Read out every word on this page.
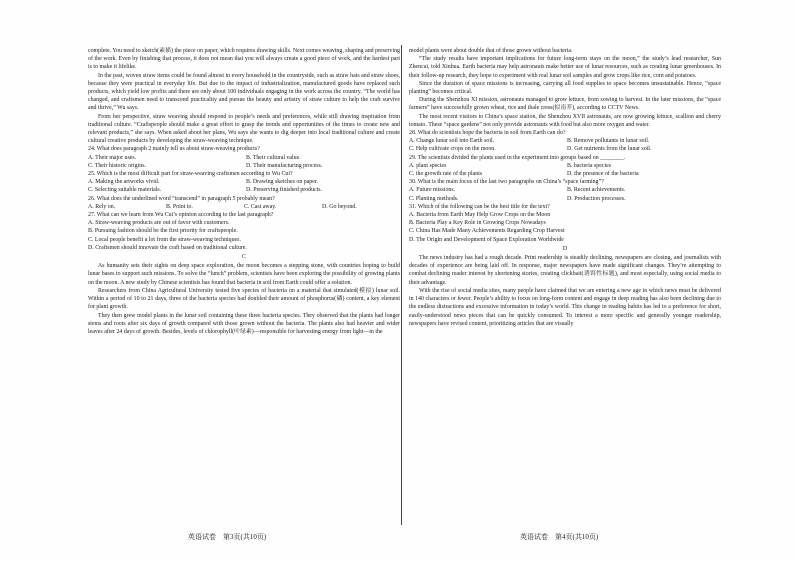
complete. You need to sketch(素描) the piece on paper, which requires drawing skills. Next comes weaving, shaping and preserving of the work. Even by finishing that process, it does not mean that you will always create a good piece of work, and the hardest part is to make it lifelike.

In the past, woven straw items could be found almost in every household in the countryside, such as straw hats and straw shoes, because they were practical in everyday life. But due to the impact of industrialization, manufactured goods have replaced such products, which yield low profits and there are only about 100 individuals engaging in the work across the country. “The world has changed, and craftsmen need to transcend practicality and pursue the beauty and artistry of straw culture to help the craft survive and thrive,” Wu says.

From her perspective, straw weaving should respond to people’s needs and preferences, while still drawing inspiration from traditional culture. “Craftspeople should make a great effort to grasp the trends and opportunities of the times to create new and relevant products,” she says. When asked about her plans, Wu says she wants to dig deeper into local traditional culture and create cultural creative products by developing the straw-weaving technique.

24. What does paragraph 2 mainly tell us about straw-weaving products?
A. Their major uses.	B. Their cultural value.
C. Their historic origins.	D. Their manufacturing process.
25. Which is the most difficult part for straw-weaving craftsmen according to Wu Cui?
A. Making the artworks vivid.	B. Drawing sketches on paper.
C. Selecting suitable materials.	D. Preserving finished products.
26. What does the underlined word “transcend” in paragraph 5 probably mean?
A. Rely on.	B. Point to.	C. Cast away.	D. Go beyond.
27. What can we learn from Wu Cui’s opinion according to the last paragraph?
A. Straw-weaving products are out of favor with customers.
B. Pursuing fashion should be the first priority for craftspeople.
C. Local people benefit a lot from the straw-weaving techniques.
D. Craftsmen should innovate the craft based on traditional culture.
C

As humanity sets their sights on deep space exploration, the moon becomes a stepping stone, with countries hoping to build lunar bases to support such missions. To solve the “lunch” problem, scientists have been exploring the possibility of growing plants on the moon. A new study by Chinese scientists has found that bacteria in soil from Earth could offer a solution.

Researchers from China Agricultural University tested five species of bacteria on a material that simulated(模拟) lunar soil. Within a period of 10 to 21 days, three of the bacteria species had doubled their amount of phosphorus(磷) content, a key element for plant growth.

They then grew model plants in the lunar soil containing these three bacteria species. They observed that the plants had longer stems and roots after six days of growth compared with those grown without the bacteria. The plants also had heavier and wider leaves after 24 days of growth. Besides, levels of chlorophyll(叶绿素)—responsible for harvesting energy from light—in the

model plants were about double that of those grown without bacteria.

“The study results have important implications for future long-term stays on the moon,” the study’s lead researcher, Sun Zhencai, told Xinhua. Earth bacteria may help astronauts make better use of lunar resources, such as creating lunar greenhouses. In their follow-up research, they hope to experiment with real lunar soil samples and grow crops like rice, corn and potatoes.

Since the duration of space missions is increasing, carrying all food supplies to space becomes unsustainable. Hence, “space planting” becomes critical.

During the Shenzhou XI mission, astronauts managed to grow lettuce, from sowing to harvest. In the later missions, the “space farmers” have successfully grown wheat, rice and thale cress(拟南芥), according to CCTV News.

The most recent visitors to China’s space station, the Shenzhou XVII astronauts, are now growing lettuce, scallion and cherry tomato. These “space gardens” not only provide astronauts with food but also more oxygen and water.

28. What do scientists hope the bacteria in soil from Earth can do?
A. Change lunar soil into Earth soil.	B. Remove pollutants in lunar soil.
C. Help cultivate crops on the moon.	D. Get nutrients from the lunar soil.
29. The scientists divided the plants used in the experiment into groups based on ________.
A. plant species	B. bacteria species
C. the growth rate of the plants	D. the presence of the bacteria
30. What is the main focus of the last two paragraphs on China’s “space farming”?
A. Future missions.	B. Recent achievements.
C. Planting methods.	D. Production processes.
31. Which of the following can be the best title for the text?
A. Bacteria from Earth May Help Grow Crops on the Moon
B. Bacteria Play a Key Role in Growing Crops Nowadays
C. China Has Made Many Achievements Regarding Crop Harvest
D. The Origin and Development of Space Exploration Worldwide
D

The news industry has had a rough decade. Print readership is steadily declining, newspapers are closing, and journalists with decades of experience are being laid off. In response, major newspapers have made significant changes. They’re attempting to combat declining reader interest by shortening stories, creating clickbait(诱饵性标题), and most especially, using social media to their advantage.

With the rise of social media sites, many people have claimed that we are entering a new age in which news must be delivered in 140 characters or fewer. People’s ability to focus on long-form content and engage in deep reading has also been declining due to the endless distractions and excessive information in today’s world. This change in reading habits has led to a preference for short, easily-understood news pieces that can be quickly consumed. To interest a more specific and generally younger readership, newspapers have revised content, prioritizing articles that are visually

英语试卷　第3页(共10页)	英语试卷　第4页(共10页)
